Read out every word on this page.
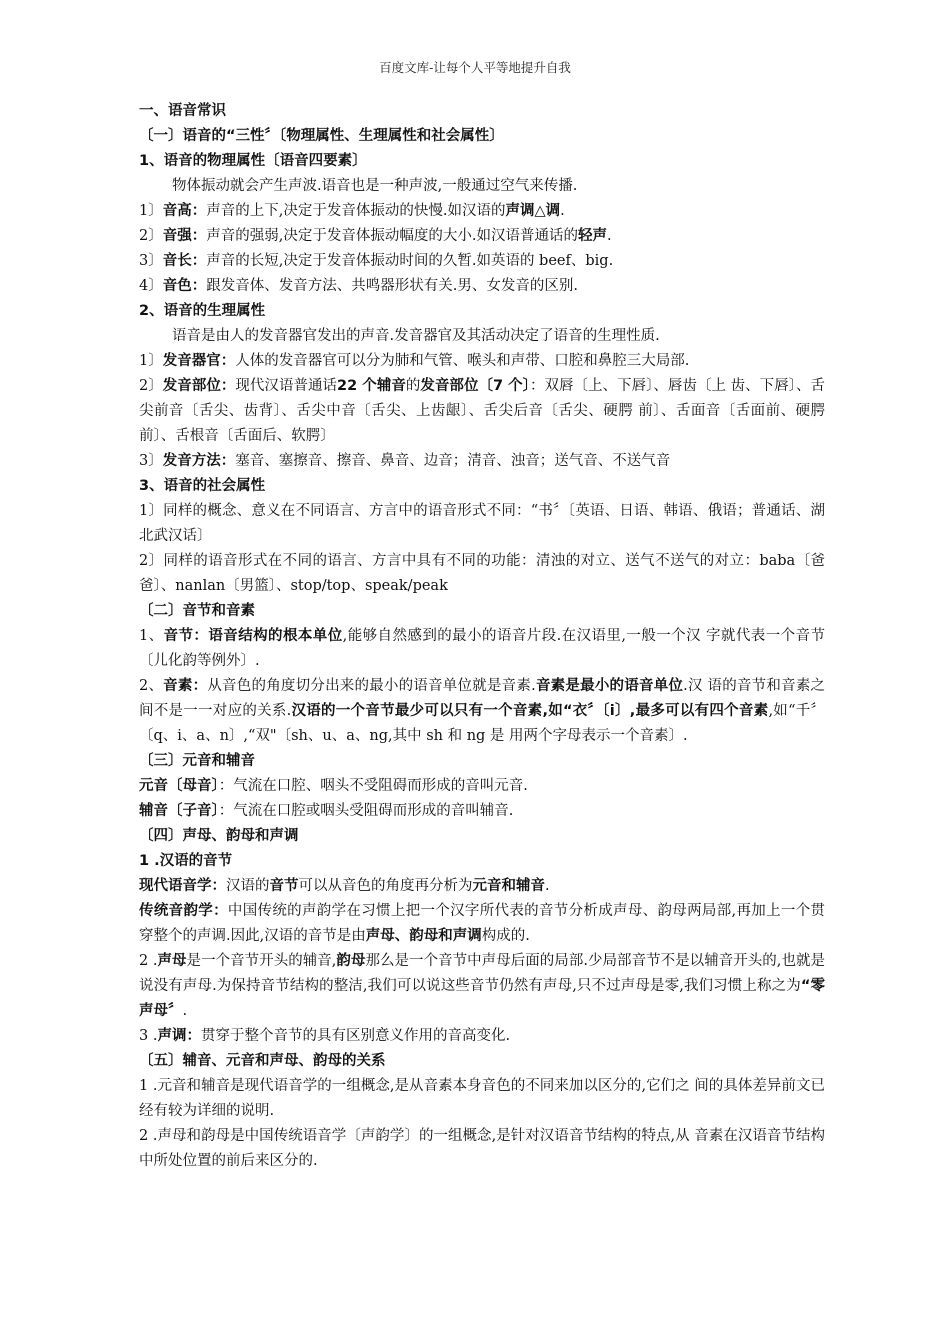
百度文库-让每个人平等地提升自我

一、语音常识

〔一〕语音的“三性〞〔物理属性、生理属性和社会属性〕

1、语音的物理属性〔语音四要素〕

物体振动就会产生声波.语音也是一种声波,一般通过空气来传播.

1〕音高：声音的上下,决定于发音体振动的快慢.如汉语的声调△调.

2〕音强：声音的强弱,决定于发音体振动幅度的大小.如汉语普通话的轻声.

3〕音长：声音的长短,决定于发音体振动时间的久暂.如英语的 beef、big.

4〕音色：跟发音体、发音方法、共鸣器形状有关.男、女发音的区别.

2、语音的生理属性

语音是由人的发音器官发出的声音.发音器官及其活动决定了语音的生理性质.

1〕发音器官：人体的发音器官可以分为肺和气管、喉头和声带、口腔和鼻腔三大局部.

2〕发音部位：现代汉语普通话22 个辅音的发音部位〔7 个〕：双唇〔上、下唇〕、唇齿〔上 齿、下唇〕、舌尖前音〔舌尖、齿背〕、舌尖中音〔舌尖、上齿龈〕、舌尖后音〔舌尖、硬腭 前〕、舌面音〔舌面前、硬腭前〕、舌根音〔舌面后、软腭〕

3〕发音方法：塞音、塞擦音、擦音、鼻音、边音；清音、浊音；送气音、不送气音

3、语音的社会属性

1〕同样的概念、意义在不同语言、方言中的语音形式不同：“书〞〔英语、日语、韩语、俄语；普通话、湖北武汉话〕

2〕同样的语音形式在不同的语言、方言中具有不同的功能：清浊的对立、送气不送气的对立：baba〔爸爸〕、nanlan〔男篮〕、stop/top、speak/peak

〔二〕音节和音素

1、音节：语音结构的根本单位,能够自然感到的最小的语音片段.在汉语里,一般一个汉 字就代表一个音节〔儿化韵等例外〕.

2、音素：从音色的角度切分出来的最小的语音单位就是音素.音素是最小的语音单位.汉 语的音节和音素之间不是一一对应的关系.汉语的一个音节最少可以只有一个音素,如“衣〞〔i〕,最多可以有四个音素,如“千〞〔q、i、a、n〕,“双"〔sh、u、a、ng,其中 sh 和 ng 是 用两个字母表示一个音素〕.

〔三〕元音和辅音

元音〔母音〕：气流在口腔、咽头不受阻碍而形成的音叫元音.

辅音〔子音〕：气流在口腔或咽头受阻碍而形成的音叫辅音.

〔四〕声母、韵母和声调

1 .汉语的音节

现代语音学：汉语的音节可以从音色的角度再分析为元音和辅音.

传统音韵学：中国传统的声韵学在习惯上把一个汉字所代表的音节分析成声母、韵母两局部,再加上一个贯穿整个的声调.因此,汉语的音节是由声母、韵母和声调构成的.

2 .声母是一个音节开头的辅音,韵母那么是一个音节中声母后面的局部.少局部音节不是以辅音开头的,也就是说没有声母.为保持音节结构的整洁,我们可以说这些音节仍然有声母,只不过声母是零,我们习惯上称之为“零声母〞.

3 .声调：贯穿于整个音节的具有区别意义作用的音高变化.

〔五〕辅音、元音和声母、韵母的关系

1 .元音和辅音是现代语音学的一组概念,是从音素本身音色的不同来加以区分的,它们之 间的具体差异前文已经有较为详细的说明.

2 .声母和韵母是中国传统语音学〔声韵学〕的一组概念,是针对汉语音节结构的特点,从 音素在汉语音节结构中所处位置的前后来区分的.
